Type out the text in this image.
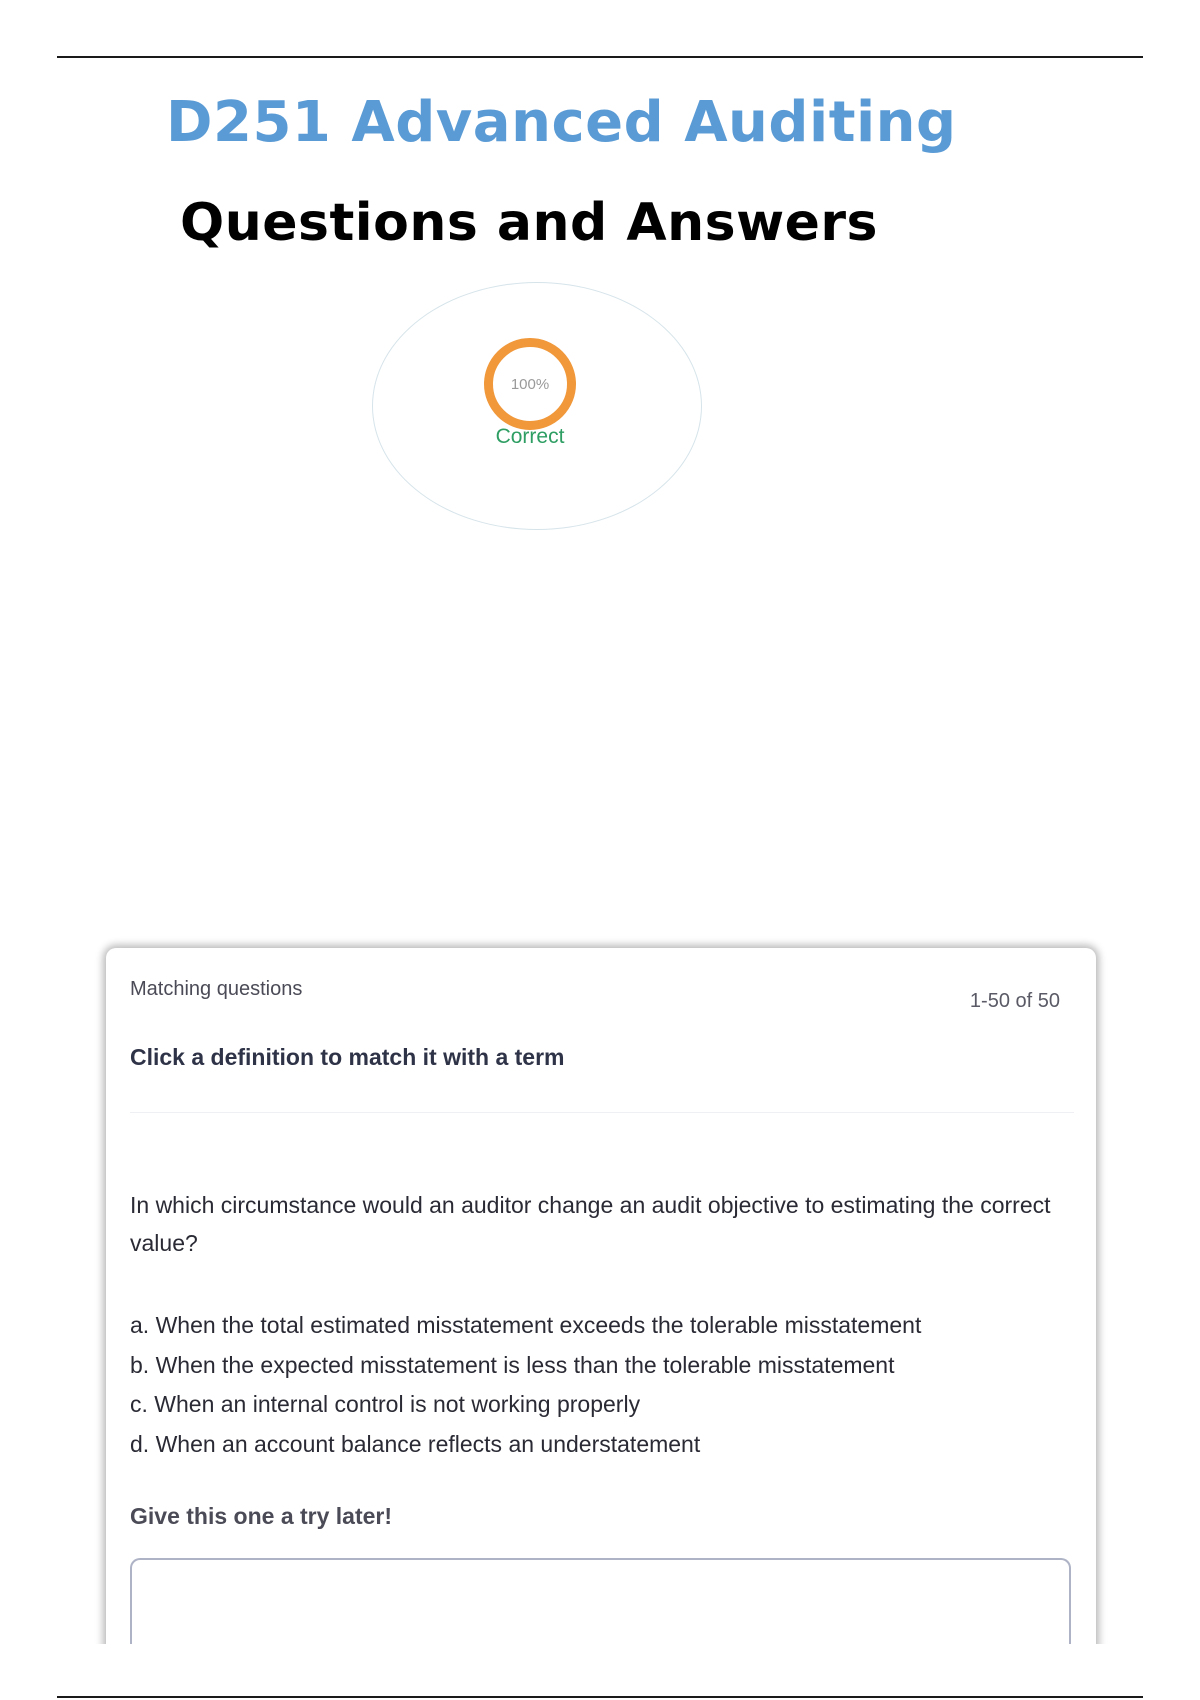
D251 Advanced Auditing
Questions and Answers
100%
Correct
Matching questions
1-50 of 50
Click a definition to match it with a term
In which circumstance would an auditor change an audit objective to estimating the correct value?
a. When the total estimated misstatement exceeds the tolerable misstatement
b. When the expected misstatement is less than the tolerable misstatement
c. When an internal control is not working properly
d. When an account balance reflects an understatement
Give this one a try later!
